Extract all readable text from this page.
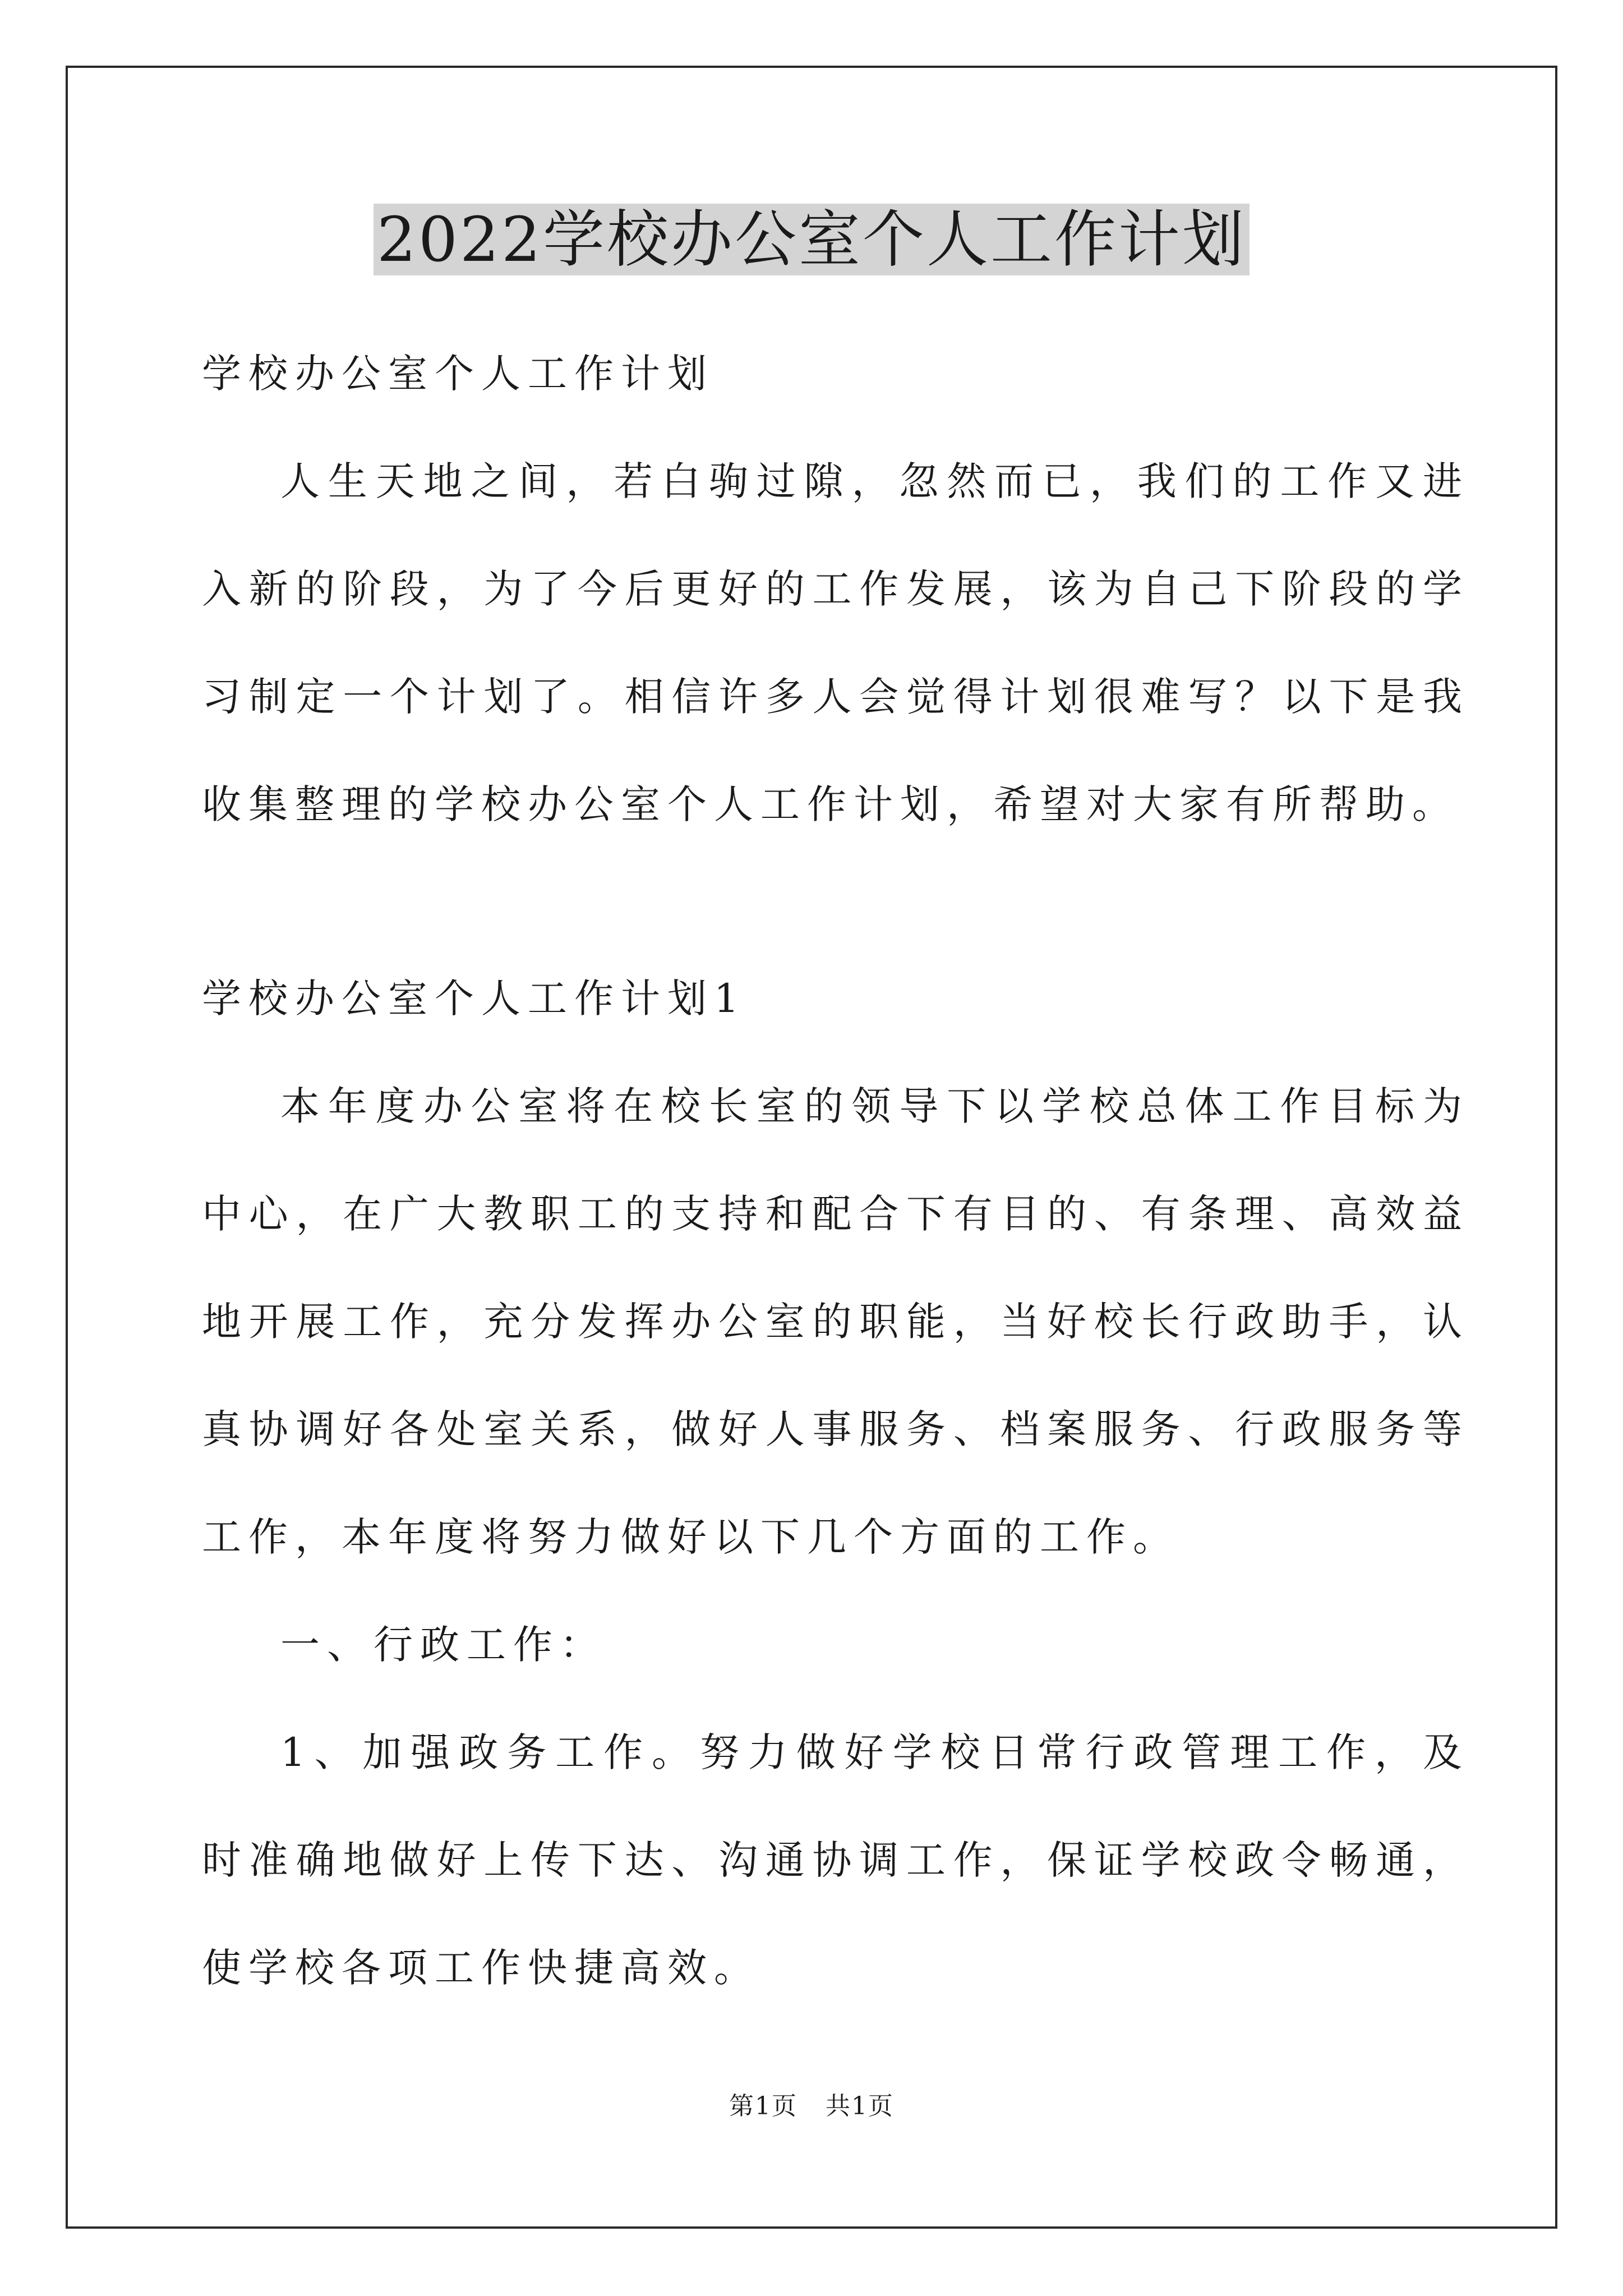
2022学校办公室个人工作计划

学校办公室个人工作计划

人生天地之间，若白驹过隙，忽然而已，我们的工作又进入新的阶段，为了今后更好的工作发展，该为自己下阶段的学习制定一个计划了。相信许多人会觉得计划很难写？以下是我收集整理的学校办公室个人工作计划，希望对大家有所帮助。

学校办公室个人工作计划1

本年度办公室将在校长室的领导下以学校总体工作目标为中心，在广大教职工的支持和配合下有目的、有条理、高效益地开展工作，充分发挥办公室的职能，当好校长行政助手，认真协调好各处室关系，做好人事服务、档案服务、行政服务等工作，本年度将努力做好以下几个方面的工作。

一、行政工作：

1、加强政务工作。努力做好学校日常行政管理工作，及时准确地做好上传下达、沟通协调工作，保证学校政令畅通，使学校各项工作快捷高效。

第1页 共1页
